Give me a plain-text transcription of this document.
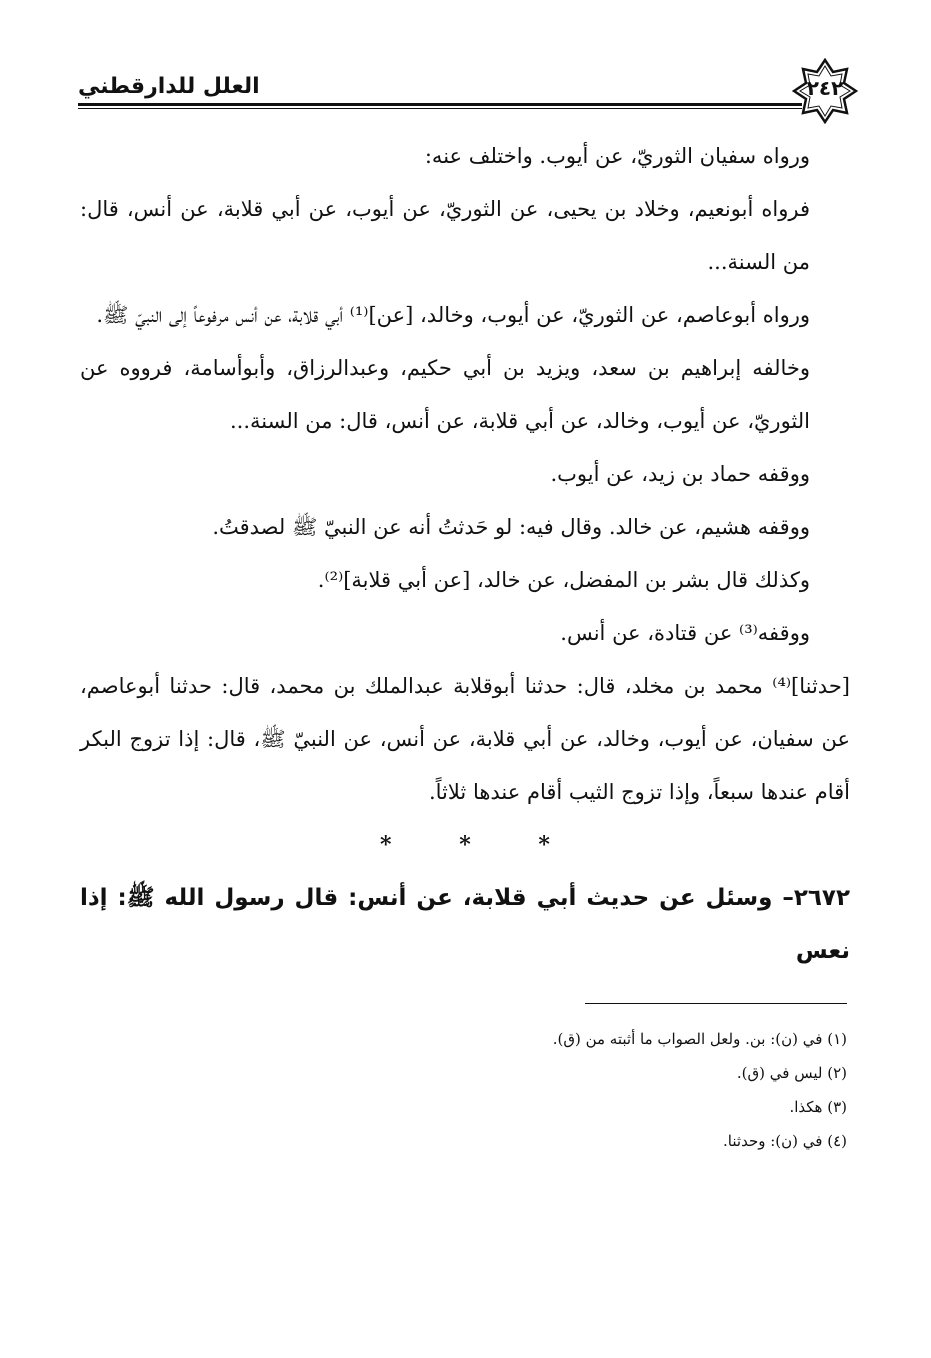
٢٤٢
العلل للدارقطني

ورواه سفيان الثوريّ، عن أيوب. واختلف عنه:

فرواه أبونعيم، وخلاد بن يحيى، عن الثوريّ، عن أيوب، عن أبي قلابة، عن أنس، قال: من السنة...

ورواه أبوعاصم، عن الثوريّ، عن أيوب، وخالد، [عن]⁽¹⁾ أبي قلابة، عن أنس مرفوعاً إلى النبيّ ﷺ.

وخالفه إبراهيم بن سعد، ويزيد بن أبي حكيم، وعبدالرزاق، وأبوأسامة، فرووه عن الثوريّ، عن أيوب، وخالد، عن أبي قلابة، عن أنس، قال: من السنة...

ووقفه حماد بن زيد، عن أيوب.

ووقفه هشيم، عن خالد. وقال فيه: لو حَدثتُ أنه عن النبيّ ﷺ لصدقتُ.

وكذلك قال بشر بن المفضل، عن خالد، [عن أبي قلابة]⁽²⁾.

ووقفه⁽³⁾ عن قتادة، عن أنس.

[حدثنا]⁽⁴⁾ محمد بن مخلد، قال: حدثنا أبوقلابة عبدالملك بن محمد، قال: حدثنا أبوعاصم، عن سفيان، عن أيوب، وخالد، عن أبي قلابة، عن أنس، عن النبيّ ﷺ، قال: إذا تزوج البكر أقام عندها سبعاً، وإذا تزوج الثيب أقام عندها ثلاثاً.

* * *

٢٦٧٢– وسئل عن حديث أبي قلابة، عن أنس: قال رسول الله ﷺ: إذا نعس

(١) في (ن): بن. ولعل الصواب ما أثبته من (ق).

(٢) ليس في (ق).

(٣) هكذا.

(٤) في (ن): وحدثنا.
